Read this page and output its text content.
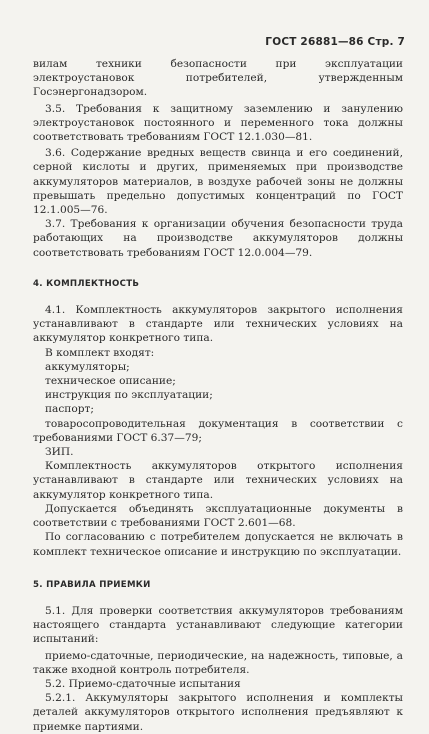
ГОСТ 26881—86 Стр. 7

вилам техники безопасности при эксплуатации электроустановок потребителей, утвержденным Госэнергонадзором.

3.5. Требования к защитному заземлению и занулению электроустановок постоянного и переменного тока должны соответствовать требованиям ГОСТ 12.1.030—81.

3.6. Содержание вредных веществ свинца и его соединений, серной кислоты и других, применяемых при производстве аккумуляторов материалов, в воздухе рабочей зоны не должны превышать предельно допустимых концентраций по ГОСТ 12.1.005—76.

3.7. Требования к организации обучения безопасности труда работающих на производстве аккумуляторов должны соответствовать требованиям ГОСТ 12.0.004—79.

4. КОМПЛЕКТНОСТЬ

4.1. Комплектность аккумуляторов закрытого исполнения устанавливают в стандарте или технических условиях на аккумулятор конкретного типа.

В комплект входят:

аккумуляторы;

техническое описание;

инструкция по эксплуатации;

паспорт;

товаросопроводительная документация в соответствии с требованиями ГОСТ 6.37—79;

ЗИП.

Комплектность аккумуляторов открытого исполнения устанавливают в стандарте или технических условиях на аккумулятор конкретного типа.

Допускается объединять эксплуатационные документы в соответствии с требованиями ГОСТ 2.601—68.

По согласованию с потребителем допускается не включать в комплект техническое описание и инструкцию по эксплуатации.

5. ПРАВИЛА ПРИЕМКИ

5.1. Для проверки соответствия аккумуляторов требованиям настоящего стандарта устанавливают следующие категории испытаний:

приемо-сдаточные, периодические, на надежность, типовые, а также входной контроль потребителя.

5.2. Приемо-сдаточные испытания

5.2.1. Аккумуляторы закрытого исполнения и комплекты деталей аккумуляторов открытого исполнения предъявляют к приемке партиями.
